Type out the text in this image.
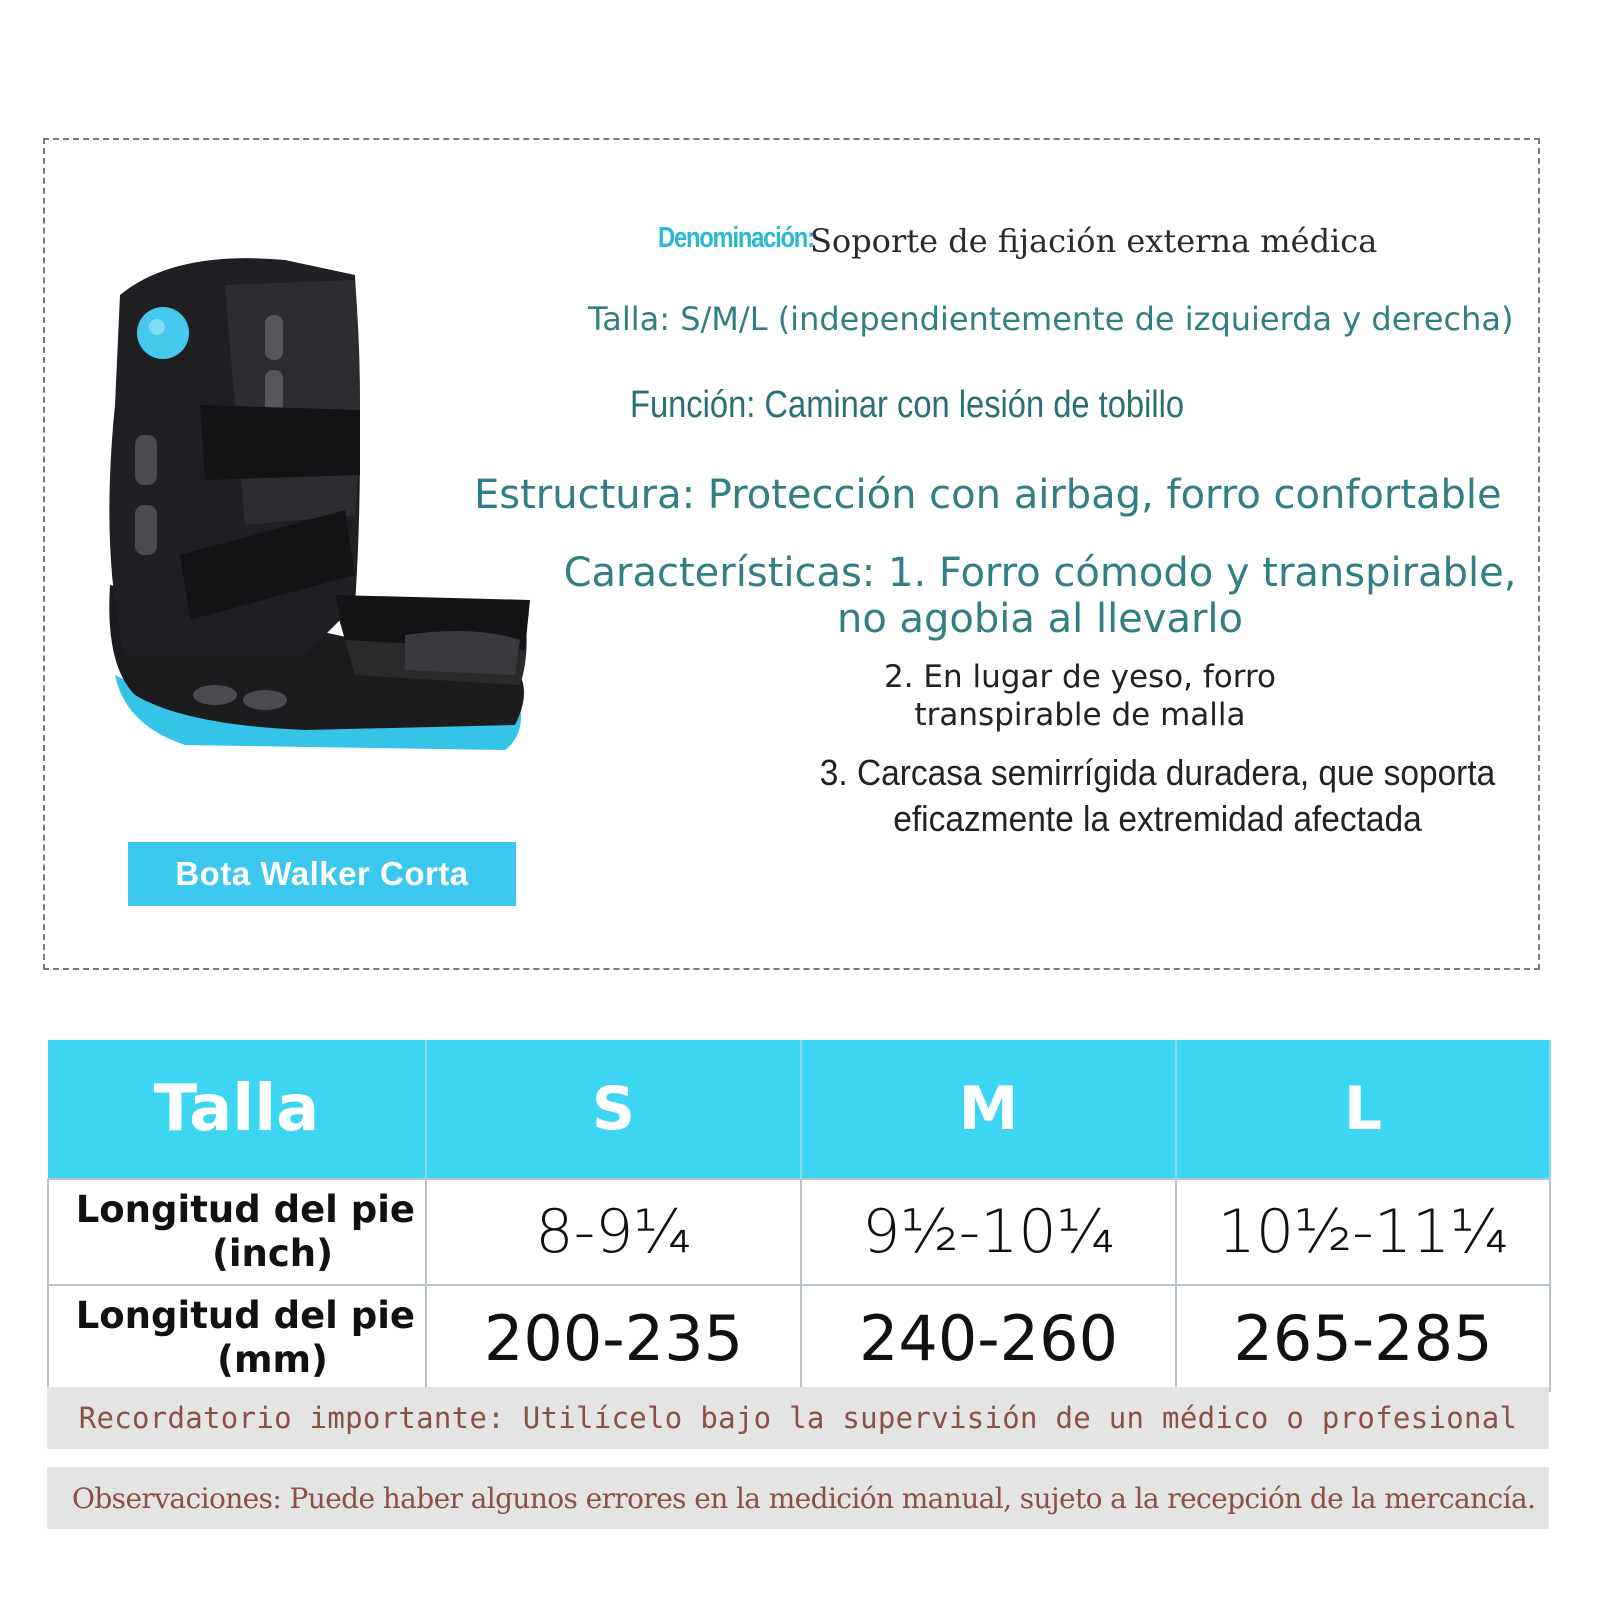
Bota Walker Corta
Denominación:
Soporte de fijación externa médica
Talla: S/M/L (independientemente de izquierda y derecha)
Función: Caminar con lesión de tobillo
Estructura: Protección con airbag, forro confortable
Características: 1. Forro cómodo y transpirable, no agobia al llevarlo
2. En lugar de yeso, forro transpirable de malla
3. Carcasa semirrígida duradera, que soporta eficazmente la extremidad afectada
Talla	S	M	L

Longitud del pie
(inch)	8-9¼	9½-10¼	10½-11¼

Longitud del pie
(mm)	200-235	240-260	265-285
Recordatorio importante: Utilícelo bajo la supervisión de un médico o profesional
Observaciones: Puede haber algunos errores en la medición manual, sujeto a la recepción de la mercancía.
